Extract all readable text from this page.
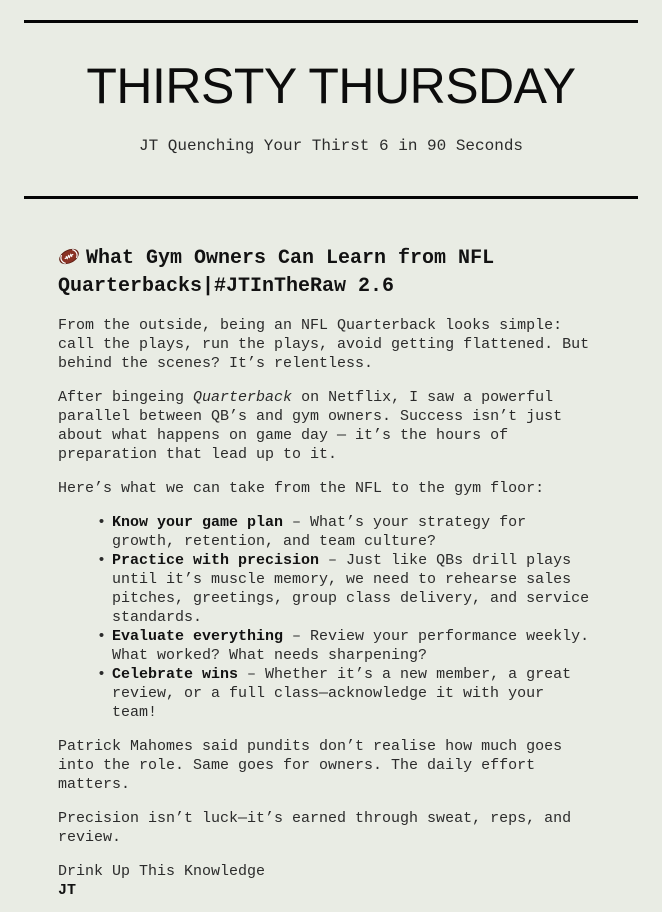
THIRSTY THURSDAY

JT Quenching Your Thirst 6 in 90 Seconds

What Gym Owners Can Learn from NFL Quarterbacks|#JTInTheRaw 2.6

From the outside, being an NFL Quarterback looks simple: call the plays, run the plays, avoid getting flattened. But behind the scenes? It’s relentless.

After bingeing Quarterback on Netflix, I saw a powerful parallel between QB’s and gym owners. Success isn’t just about what happens on game day — it’s the hours of preparation that lead up to it.

Here’s what we can take from the NFL to the gym floor:

• Know your game plan – What’s your strategy for growth, retention, and team culture?
• Practice with precision – Just like QBs drill plays until it’s muscle memory, we need to rehearse sales pitches, greetings, group class delivery, and service standards.
• Evaluate everything – Review your performance weekly. What worked? What needs sharpening?
• Celebrate wins – Whether it’s a new member, a great review, or a full class—acknowledge it with your team!

Patrick Mahomes said pundits don’t realise how much goes into the role. Same goes for owners. The daily effort matters.

Precision isn’t luck—it’s earned through sweat, reps, and review.

Drink Up This Knowledge
JT
